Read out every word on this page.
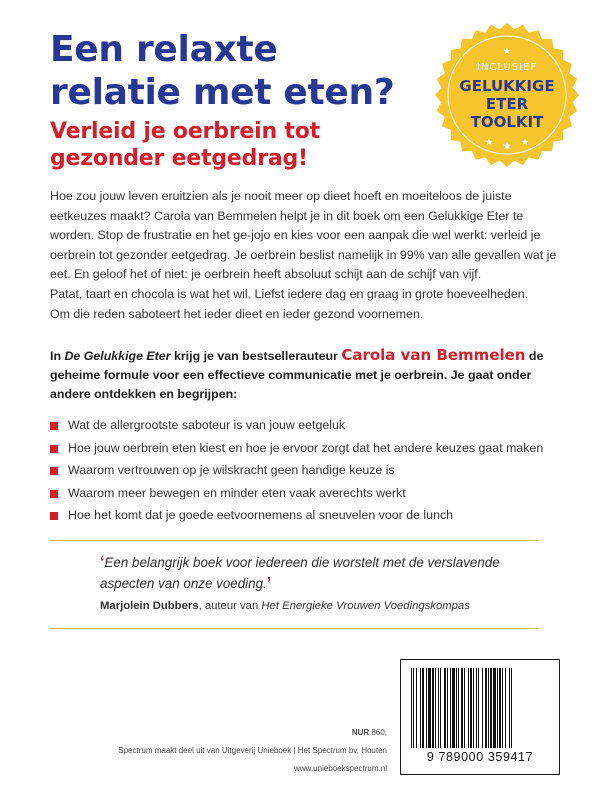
Een relaxte relatie met eten?
Verleid je oerbrein tot gezonder eetgedrag!
INCLUSIEF
GELUKKIGE
ETER
TOOLKIT

Hoe zou jouw leven eruitzien als je nooit meer op dieet hoeft en moeiteloos de juiste eetkeuzes maakt? Carola van Bemmelen helpt je in dit boek om een Gelukkige Eter te worden. Stop de frustratie en het ge-jojo en kies voor een aanpak die wel werkt: verleid je oerbrein tot gezonder eetgedrag. Je oerbrein beslist namelijk in 99% van alle gevallen wat je eet. En geloof het of niet: je oerbrein heeft absoluut schijt aan de schijf van vijf.

Patat, taart en chocola is wat het wil. Liefst iedere dag en graag in grote hoeveelheden.

Om die reden saboteert het ieder dieet en ieder gezond voornemen.

In De Gelukkige Eter krijg je van bestsellerauteur Carola van Bemmelen de geheime formule voor een effectieve communicatie met je oerbrein. Je gaat onder andere ontdekken en begrijpen:
Wat de allergrootste saboteur is van jouw eetgeluk
Hoe jouw oerbrein eten kiest en hoe je ervoor zorgt dat het andere keuzes gaat maken
Waarom vertrouwen op je wilskracht geen handige keuze is
Waarom meer bewegen en minder eten vaak averechts werkt
Hoe het komt dat je goede eetvoornemens al sneuvelen voor de lunch
‘Een belangrijk boek voor iedereen die worstelt met de verslavende aspecten van onze voeding.’
Marjolein Dubbers, auteur van Het Energieke Vrouwen Voedingskompas
NUR 860,
Spectrum maakt deel uit van Uitgeverij Unieboek | Het Spectrum bv, Houten
www.unieboekspectrum.nl
9 789000 359417
